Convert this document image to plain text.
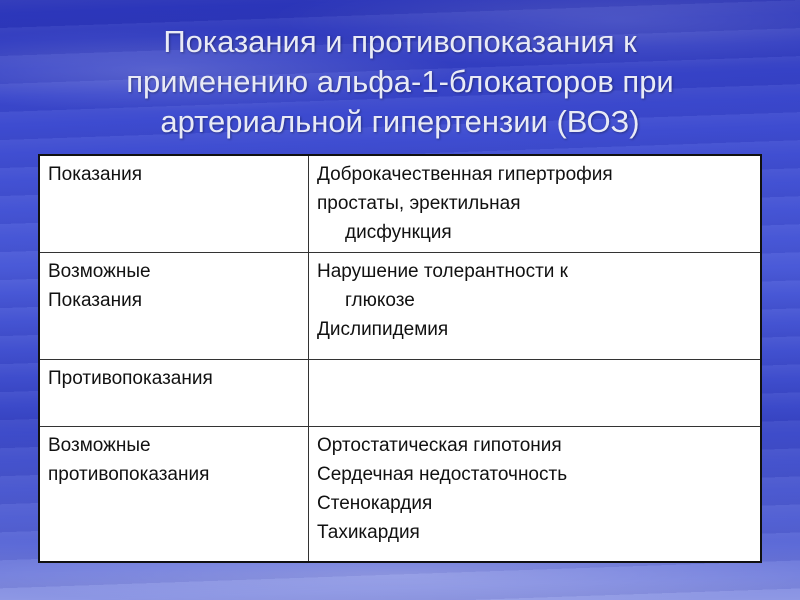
Показания и противопоказания к
применению альфа-1-блокаторов при
артериальной гипертензии (ВОЗ)
Показания	Доброкачественная гипертрофия
простаты, эректильная
дисфункция

Возможные
Показания	Нарушение толерантности к
глюкозе
Дислипидемия

Противопоказания	

Возможные
противопоказания	Ортостатическая гипотония
Сердечная недостаточность
Стенокардия
Тахикардия
